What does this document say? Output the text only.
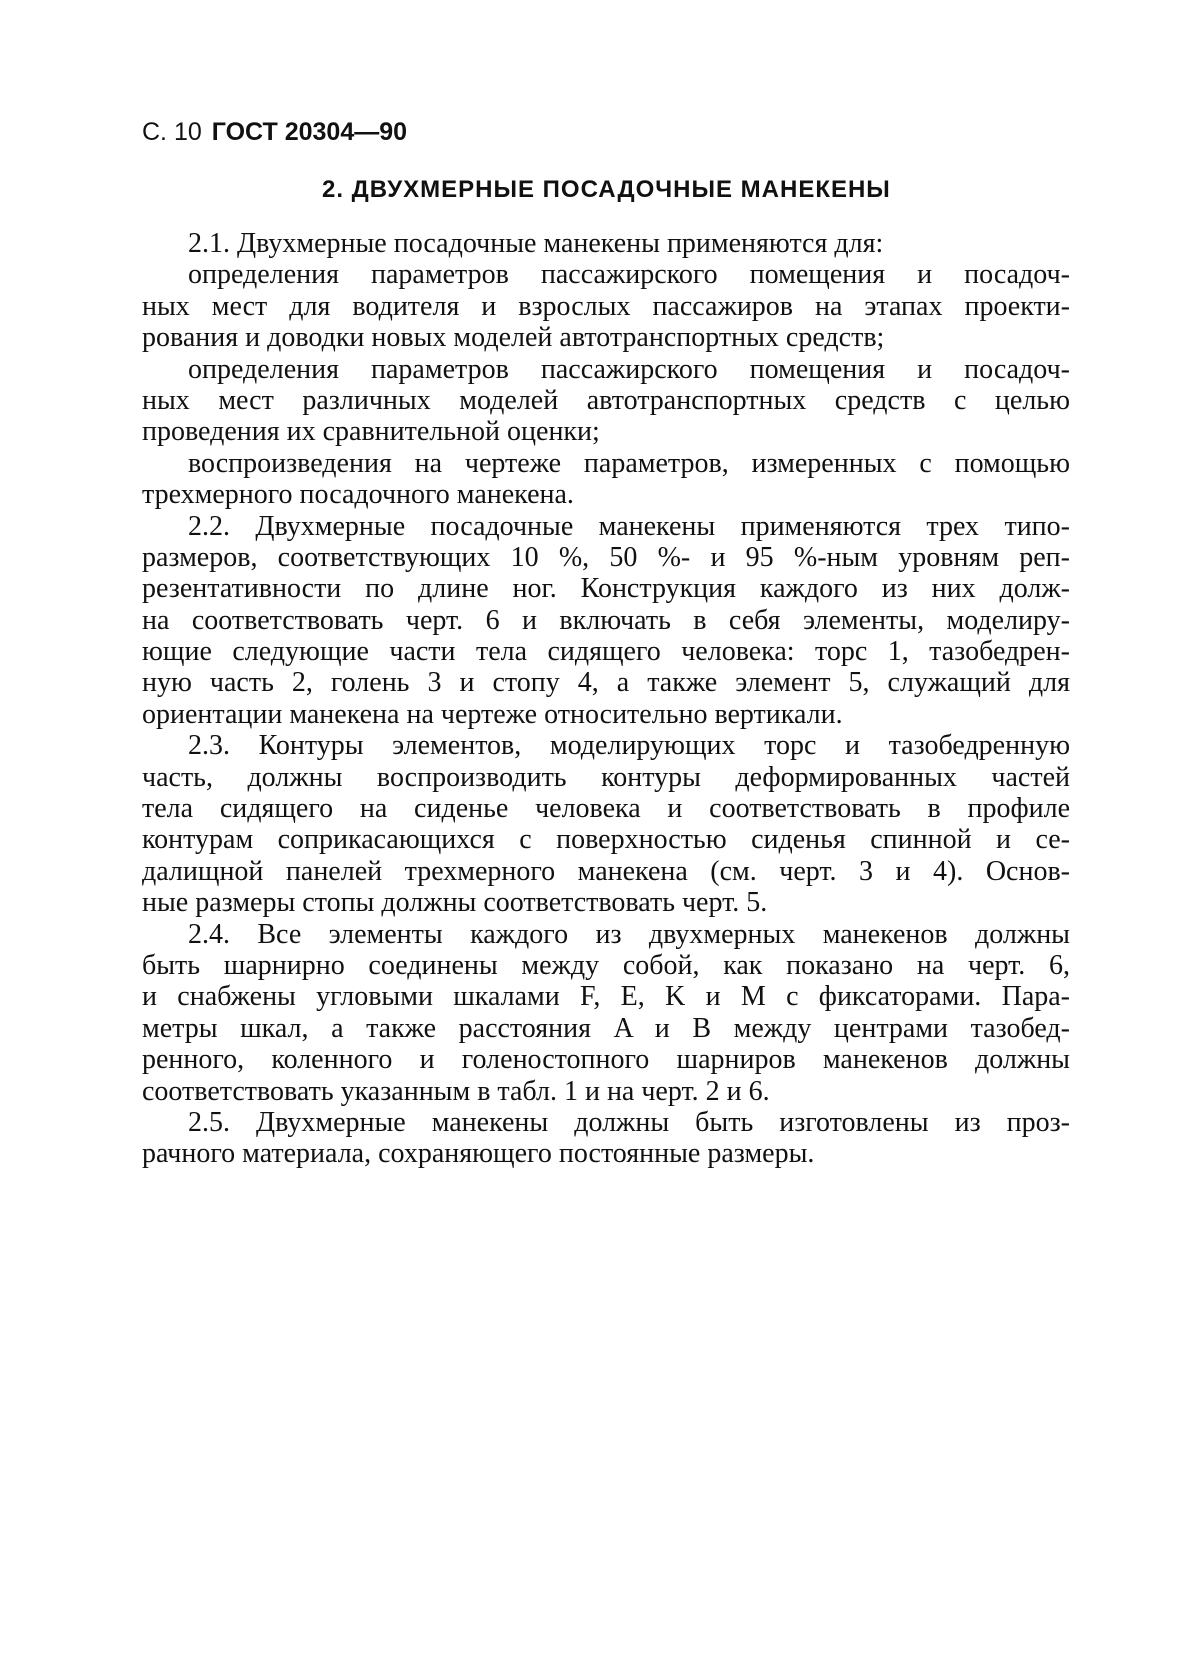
С. 10 ГОСТ 20304—90
2. ДВУХМЕРНЫЕ ПОСАДОЧНЫЕ МАНЕКЕНЫ
2.1. Двухмерные посадочные манекены применяются для:
определения параметров пассажирского помещения и посадоч-
ных мест для водителя и взрослых пассажиров на этапах проекти-
рования и доводки новых моделей автотранспортных средств;
определения параметров пассажирского помещения и посадоч-
ных мест различных моделей автотранспортных средств с целью
проведения их сравнительной оценки;
воспроизведения на чертеже параметров, измеренных с помощью
трехмерного посадочного манекена.
2.2. Двухмерные посадочные манекены применяются трех типо-
размеров, соответствующих 10 %, 50 %- и 95 %-ным уровням реп-
резентативности по длине ног. Конструкция каждого из них долж-
на соответствовать черт. 6 и включать в себя элементы, моделиру-
ющие следующие части тела сидящего человека: торс 1, тазобедрен-
ную часть 2, голень 3 и стопу 4, а также элемент 5, служащий для
ориентации манекена на чертеже относительно вертикали.
2.3. Контуры элементов, моделирующих торс и тазобедренную
часть, должны воспроизводить контуры деформированных частей
тела сидящего на сиденье человека и соответствовать в профиле
контурам соприкасающихся с поверхностью сиденья спинной и се-
далищной панелей трехмерного манекена (см. черт. 3 и 4). Основ-
ные размеры стопы должны соответствовать черт. 5.
2.4. Все элементы каждого из двухмерных манекенов должны
быть шарнирно соединены между собой, как показано на черт. 6,
и снабжены угловыми шкалами F, E, K и M с фиксаторами. Пара-
метры шкал, а также расстояния A и B между центрами тазобед-
ренного, коленного и голеностопного шарниров манекенов должны
соответствовать указанным в табл. 1 и на черт. 2 и 6.
2.5. Двухмерные манекены должны быть изготовлены из проз-
рачного материала, сохраняющего постоянные размеры.
